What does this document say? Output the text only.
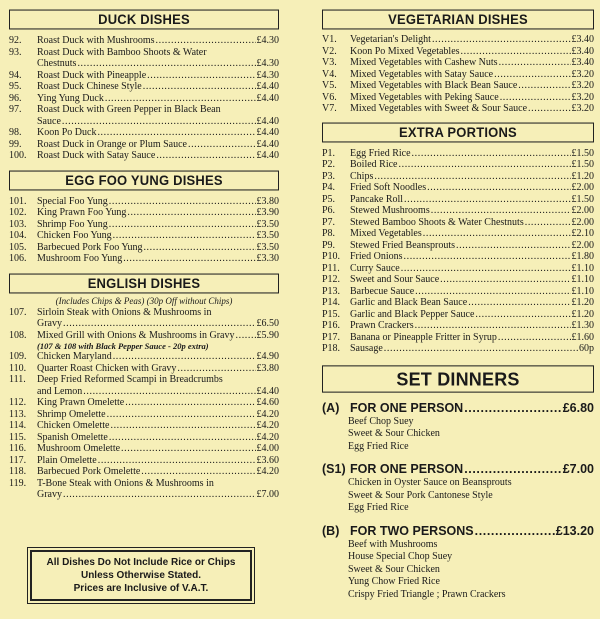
DUCK DISHES
92.	Roast Duck with Mushrooms .....	£4.30
93.	Roast Duck with Bamboo Shoots & Water
Chestnuts .....	£4.30
94.	Roast Duck with Pineapple .....	£4.30
95.	Roast Duck Chinese Style .....	£4.40
96.	Ying Yung Duck .....	£4.40
97.	Roast Duck with Green Pepper in Black Bean
Sauce .....	£4.40
98.	Koon Po Duck .....	£4.40
99.	Roast Duck in Orange or Plum Sauce .....	£4.40
100.	Roast Duck with Satay Sauce .....	£4.40
EGG FOO YUNG DISHES
101.	Special Foo Yung .....	£3.80
102.	King Prawn Foo Yung .....	£3.90
103.	Shrimp Foo Yung .....	£3.50
104.	Chicken Foo Yung .....	£3.50
105.	Barbecued Pork Foo Yung .....	£3.50
106.	Mushroom Foo Yung .....	£3.30
ENGLISH DISHES
(Includes Chips & Peas) (30p Off without Chips)
107.	Sirloin Steak with Onions & Mushrooms in
Gravy .....	£6.50
108.	Mixed Grill with Onions & Mushrooms in Gravy ..... £5.90
(107 & 108 with Black Pepper Sauce - 20p extra)
109.	Chicken Maryland .....	£4.90
110.	Quarter Roast Chicken with Gravy .....	£3.80
111.	Deep Fried Reformed Scampi in Breadcrumbs
and Lemon .....	£4.40
112.	King Prawn Omelette .....	£4.60
113.	Shrimp Omelette .....	£4.20
114.	Chicken Omelette .....	£4.20
115.	Spanish Omelette .....	£4.20
116.	Mushroom Omelette .....	£4.00
117.	Plain Omelette .....	£3.60
118.	Barbecued Pork Omelette .....	£4.20
119.	T-Bone Steak with Onions & Mushrooms in
Gravy .....	£7.00
All Dishes Do Not Include Rice or Chips
Unless Otherwise Stated.
Prices are Inclusive of V.A.T.
VEGETARIAN DISHES
V1.	Vegetarian's Delight .....	£3.40
V2.	Koon Po Mixed Vegetables .....	£3.40
V3.	Mixed Vegetables with Cashew Nuts .....	£3.40
V4.	Mixed Vegetables with Satay Sauce .....	£3.20
V5.	Mixed Vegetables with Black Bean Sauce .....	£3.20
V6.	Mixed Vegetables with Peking Sauce .....	£3.20
V7.	Mixed Vegetables with Sweet & Sour Sauce .....	£3.20
EXTRA PORTIONS
P1.	Egg Fried Rice .....	£1.50
P2.	Boiled Rice .....	£1.50
P3.	Chips .....	£1.20
P4.	Fried Soft Noodles .....	£2.00
P5.	Pancake Roll .....	£1.50
P6.	Stewed Mushrooms .....	£2.00
P7.	Stewed Bamboo Shoots & Water Chestnuts .....	£2.00
P8.	Mixed Vegetables .....	£2.10
P9.	Stewed Fried Beansprouts .....	£2.00
P10. Fried Onions .....	£1.80
P11.	Curry Sauce .....	£1.10
P12. Sweet and Sour Sauce .....	£1.10
P13. Barbecue Sauce .....	£1.10
P14. Garlic and Black Bean Sauce .....	£1.20
P15. Garlic and Black Pepper Sauce .....	£1.20
P16. Prawn Crackers .....	£1.30
P17. Banana or Pineapple Fritter in Syrup .....	£1.60
P18. Sausage .....	60p
SET DINNERS
(A) FOR ONE PERSON .....	£6.80
Beef Chop Suey
Sweet & Sour Chicken
Egg Fried Rice
(S1) FOR ONE PERSON .....	£7.00
Chicken in Oyster Sauce on Beansprouts
Sweet & Sour Pork Cantonese Style
Egg Fried Rice
(B) FOR TWO PERSONS .....	£13.20
Beef with Mushrooms
House Special Chop Suey
Sweet & Sour Chicken
Yung Chow Fried Rice
Crispy Fried Triangle ; Prawn Crackers
